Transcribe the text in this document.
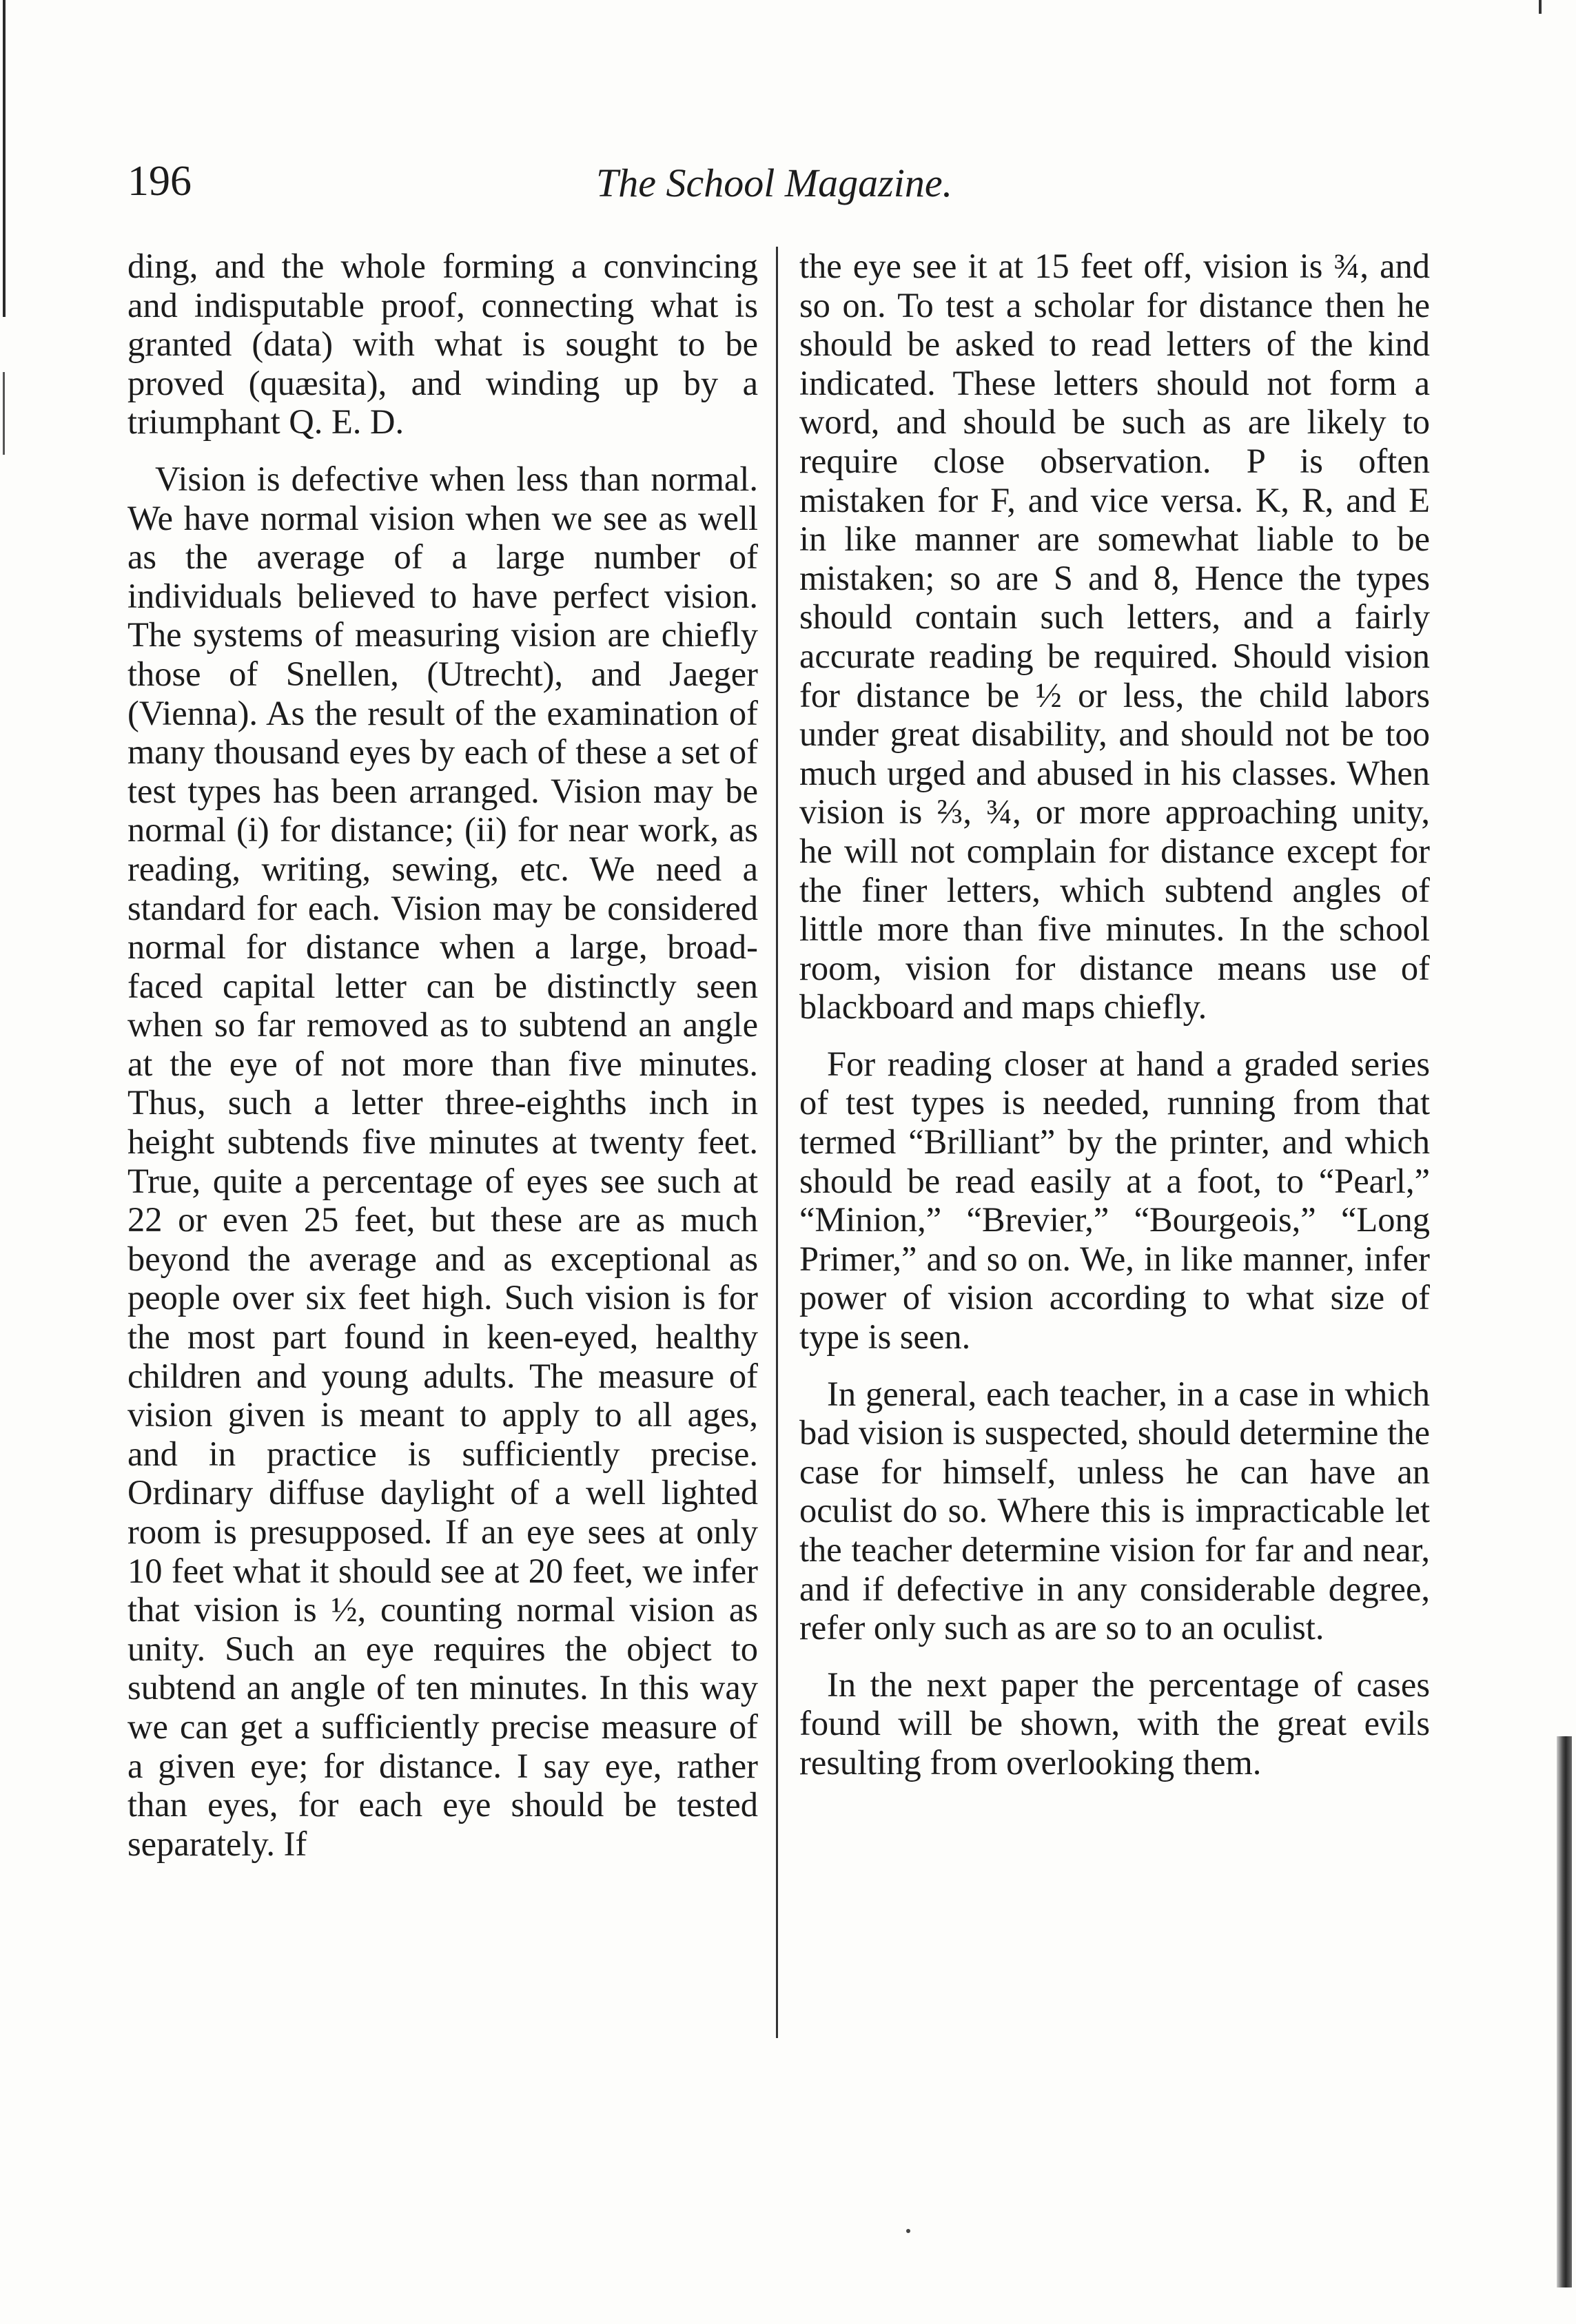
196	The School Magazine.

ding, and the whole forming a convincing and indisputable proof, connecting what is granted (data) with what is sought to be proved (quæsita), and winding up by a triumphant Q. E. D.

Vision is defective when less than normal. We have normal vision when we see as well as the average of a large number of individuals believed to have perfect vision. The systems of measuring vision are chiefly those of Snellen, (Utrecht), and Jaeger (Vienna). As the result of the examination of many thousand eyes by each of these a set of test types has been arranged. Vision may be normal (i) for distance; (ii) for near work, as reading, writing, sewing, etc. We need a standard for each. Vision may be considered normal for distance when a large, broad-faced capital letter can be distinctly seen when so far removed as to subtend an angle at the eye of not more than five minutes. Thus, such a letter three-eighths inch in height subtends five minutes at twenty feet. True, quite a percentage of eyes see such at 22 or even 25 feet, but these are as much beyond the average and as exceptional as people over six feet high. Such vision is for the most part found in keen-eyed, healthy children and young adults. The measure of vision given is meant to apply to all ages, and in practice is sufficiently precise. Ordinary diffuse daylight of a well lighted room is presupposed. If an eye sees at only 10 feet what it should see at 20 feet, we infer that vision is ½, counting normal vision as unity. Such an eye requires the object to subtend an angle of ten minutes. In this way we can get a sufficiently precise measure of a given eye; for distance. I say eye, rather than eyes, for each eye should be tested separately. If

the eye see it at 15 feet off, vision is ¾, and so on. To test a scholar for distance then he should be asked to read letters of the kind indicated. These letters should not form a word, and should be such as are likely to require close observation. P is often mistaken for F, and vice versa. K, R, and E in like manner are somewhat liable to be mistaken; so are S and 8, Hence the types should contain such letters, and a fairly accurate reading be required. Should vision for distance be ½ or less, the child labors under great disability, and should not be too much urged and abused in his classes. When vision is ⅔, ¾, or more approaching unity, he will not complain for distance except for the finer letters, which subtend angles of little more than five minutes. In the school room, vision for distance means use of blackboard and maps chiefly.

For reading closer at hand a graded series of test types is needed, running from that termed “Brilliant” by the printer, and which should be read easily at a foot, to “Pearl,” “Minion,” “Brevier,” “Bourgeois,” “Long Primer,” and so on. We, in like manner, infer power of vision according to what size of type is seen.

In general, each teacher, in a case in which bad vision is suspected, should determine the case for himself, unless he can have an oculist do so. Where this is impracticable let the teacher determine vision for far and near, and if defective in any considerable degree, refer only such as are so to an oculist.

In the next paper the percentage of cases found will be shown, with the great evils resulting from overlooking them.
